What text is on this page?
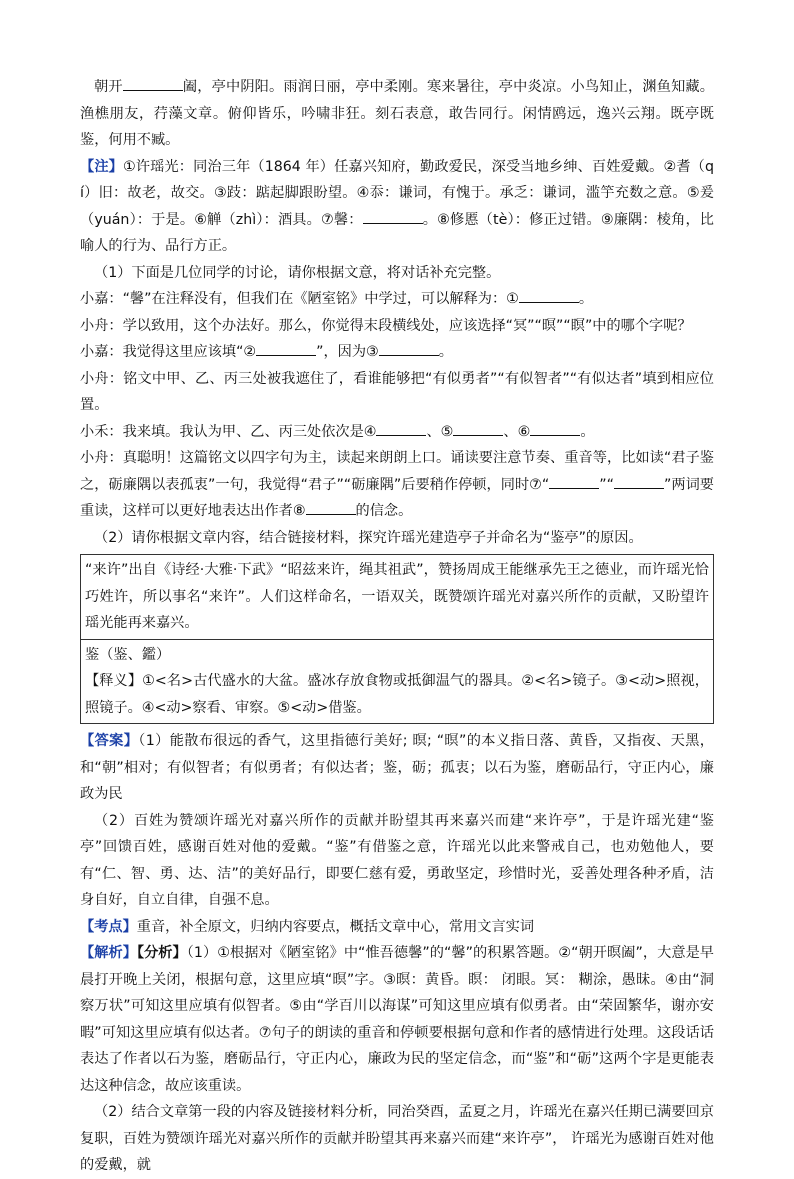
朝开	阖，亭中阴阳。雨润日丽，亭中柔刚。寒来暑往，亭中炎凉。小鸟知止，渊鱼知藏。渔樵朋友，荇藻文章。俯仰皆乐，吟啸非狂。刻石表意，敢告同行。闲情鸥远，逸兴云翔。既亭既鉴，何用不臧。

【注】①许瑶光：同治三年（1864 年）任嘉兴知府，勤政爱民，深受当地乡绅、百姓爱戴。②耆（qí）旧：故老，故交。③跂：踮起脚跟盼望。④忝：谦词，有愧于。承乏：谦词，滥竽充数之意。⑤爰（yuán）：于是。⑥觯（zhì）：酒具。⑦馨：	。⑧修慝（tè）：修正过错。⑨廉隅：棱角，比喻人的行为、品行方正。

（1）下面是几位同学的讨论，请你根据文意，将对话补充完整。

小嘉：“馨”在注释没有，但我们在《陋室铭》中学过，可以解释为：①	。

小舟：学以致用，这个办法好。那么，你觉得末段横线处，应该选择“冥”“暝”“瞑”中的哪个字呢？

小嘉：我觉得这里应该填“②	”，因为③	。

小舟：铭文中甲、乙、丙三处被我遮住了，看谁能够把“有似勇者”“有似智者”“有似达者”填到相应位置。

小禾：我来填。我认为甲、乙、丙三处依次是④	、⑤	、⑥	。

小舟：真聪明！这篇铭文以四字句为主，读起来朗朗上口。诵读要注意节奏、重音等，比如读“君子鉴之，砺廉隅以表孤衷”一句，我觉得“君子”“砺廉隅”后要稍作停顿，同时⑦“	”“	”两词要重读，这样可以更好地表达出作者⑧	的信念。

（2）请你根据文章内容，结合链接材料，探究许瑶光建造亭子并命名为“鉴亭”的原因。

“来许”出自《诗经·大雅·下武》“昭兹来许，绳其祖武”，赞扬周成王能继承先王之德业，而许瑶光恰巧姓许，所以事名“来许”。人们这样命名，一语双关，既赞颂许瑶光对嘉兴所作的贡献，又盼望许瑶光能再来嘉兴。

鉴（鉴、鑑）

【释义】①<名>古代盛水的大盆。盛冰存放食物或抵御温气的器具。②<名>镜子。③<动>照视，照镜子。④<动>察看、审察。⑤<动>借鉴。

【答案】（1）能散布很远的香气，这里指德行美好; 暝; “暝”的本义指日落、黄昏，又指夜、天黑，和“朝”相对；有似智者；有似勇者；有似达者；鉴，砺；孤衷；以石为鉴，磨砺品行，守正内心，廉政为民

（2）百姓为赞颂许瑶光对嘉兴所作的贡献并盼望其再来嘉兴而建“来许亭”，于是许瑶光建“鉴亭”回馈百姓，感谢百姓对他的爱戴。“鉴”有借鉴之意，许瑶光以此来警戒自己，也劝勉他人，要有“仁、智、勇、达、洁”的美好品行，即要仁慈有爱，勇敢坚定，珍惜时光，妥善处理各种矛盾，洁身自好，自立自律，自强不息。

【考点】重音，补全原文，归纳内容要点，概括文章中心，常用文言实词

【解析】【分析】（1）①根据对《陋室铭》中“惟吾德馨”的“馨”的积累答题。②“朝开暝阖”，大意是早晨打开晚上关闭，根据句意，这里应填“暝”字。③暝：黄昏。瞑： 闭眼。冥： 糊涂，愚昧。④由“洞察万状”可知这里应填有似智者。⑤由“学百川以海谋”可知这里应填有似勇者。由“荣固繁华，谢亦安暇”可知这里应填有似达者。⑦句子的朗读的重音和停顿要根据句意和作者的感情进行处理。这段话话表达了作者以石为鉴，磨砺品行，守正内心，廉政为民的坚定信念，而“鉴”和“砺”这两个字是更能表达这种信念，故应该重读。

（2）结合文章第一段的内容及链接材料分析，同治癸酉，孟夏之月，许瑶光在嘉兴任期已满要回京复职，百姓为赞颂许瑶光对嘉兴所作的贡献并盼望其再来嘉兴而建“来许亭”， 许瑶光为感谢百姓对他的爱戴，就
